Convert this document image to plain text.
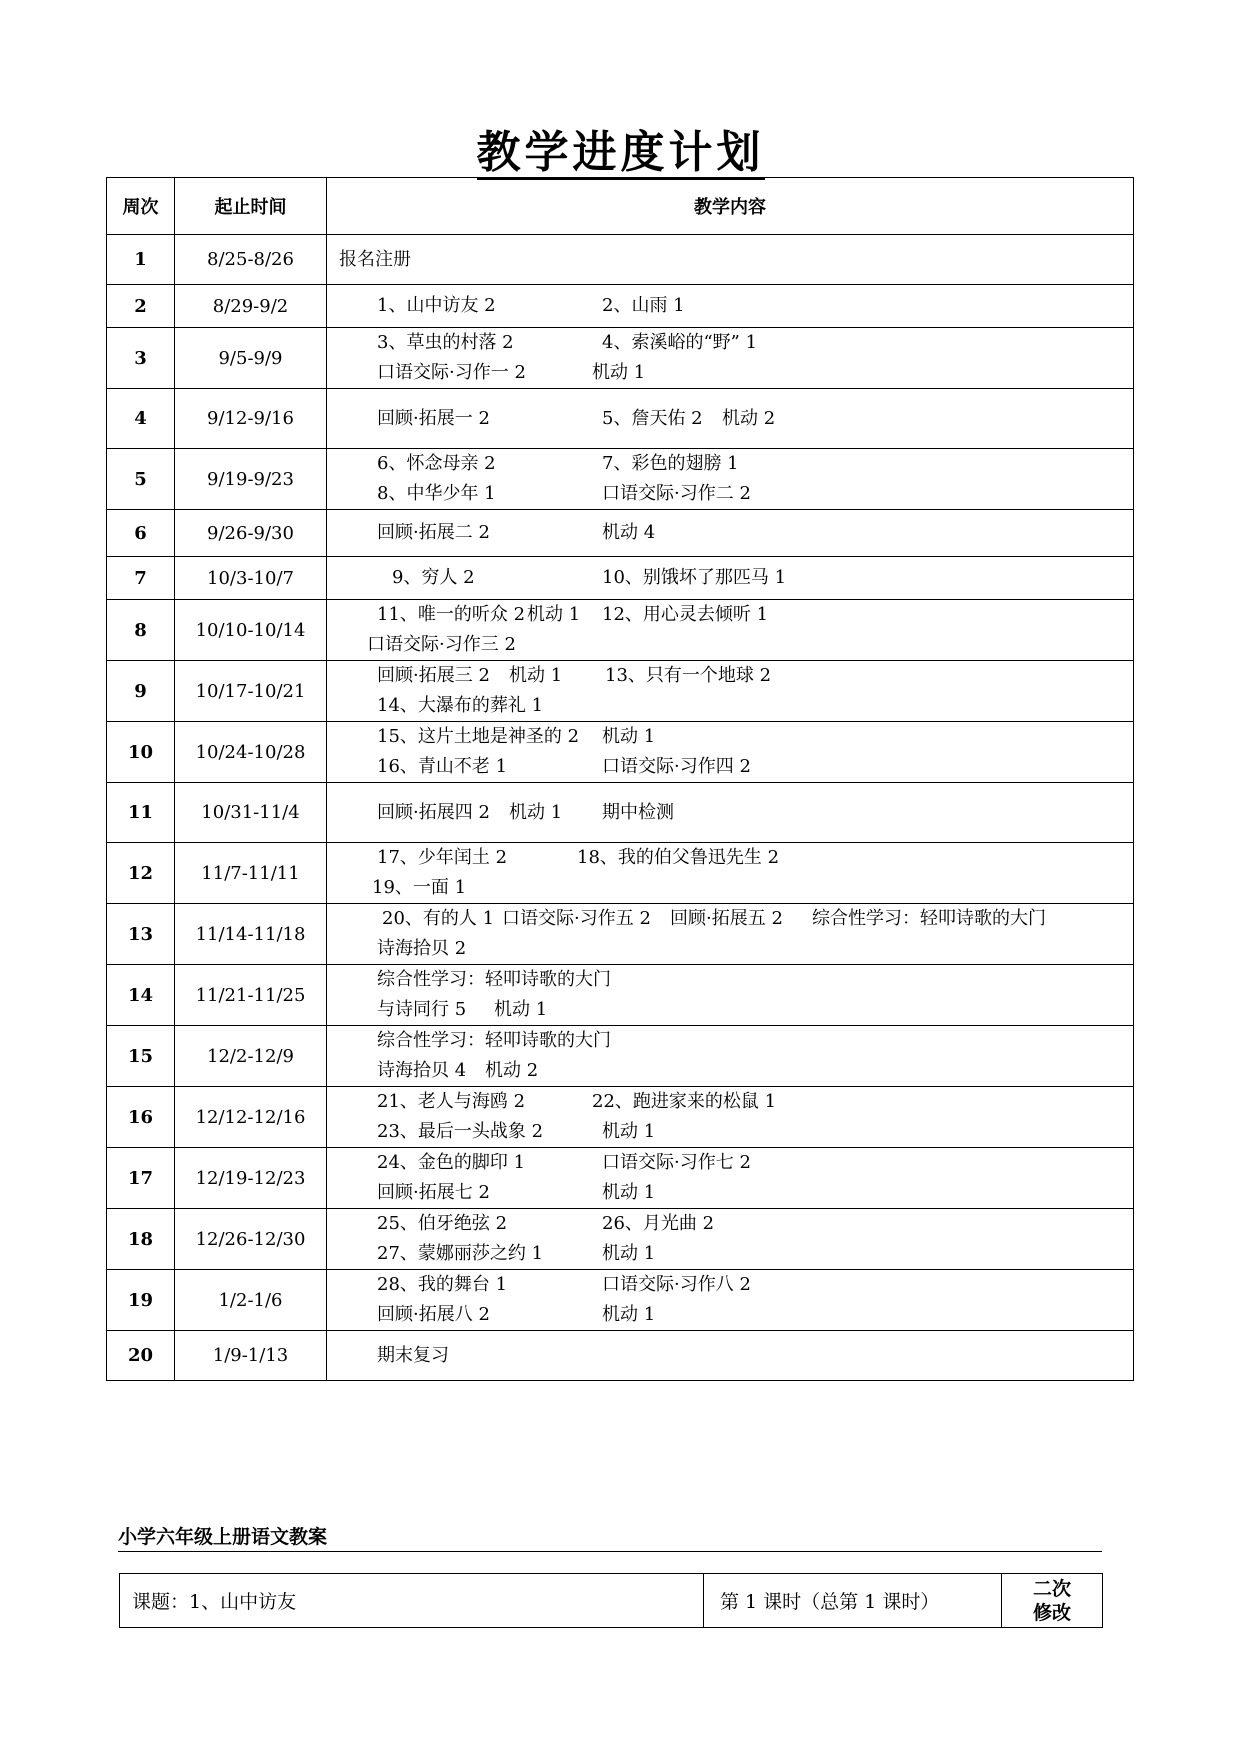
教学进度计划
周次	起止时间	教学内容
1	8/25-8/26	报名注册

2	8/29-9/2	1、山中访友 2 2、山雨 1

3	9/5-9/9	3、草虫的村落 2 4、索溪峪的“野” 1
口语交际·习作一 2 机动 1

4	9/12-9/16	回顾·拓展一 2 5、詹天佑 2 机动 2

5	9/19-9/23	6、怀念母亲 2 7、彩色的翅膀 1
8、中华少年 1 口语交际·习作二 2

6	9/26-9/30	回顾·拓展二 2 机动 4

7	10/3-10/7	9、穷人 2 10、别饿坏了那匹马 1

8	10/10-10/14	11、唯一的听众 2 机动 1 12、用心灵去倾听 1
口语交际·习作三 2

9	10/17-10/21	回顾·拓展三 2 机动 1 13、只有一个地球 2
14、大瀑布的葬礼 1

10	10/24-10/28	15、这片土地是神圣的 2 机动 1
16、青山不老 1 口语交际·习作四 2

11	10/31-11/4	回顾·拓展四 2 机动 1 期中检测

12	11/7-11/11	17、少年闰土 2 18、我的伯父鲁迅先生 2
19、一面 1

13	11/14-11/18	20、有的人 1 口语交际·习作五 2 回顾·拓展五 2 综合性学习：轻叩诗歌的大门
诗海拾贝 2

14	11/21-11/25	综合性学习：轻叩诗歌的大门
与诗同行 5 机动 1

15	12/2-12/9	综合性学习：轻叩诗歌的大门
诗海拾贝 4 机动 2

16	12/12-12/16	21、老人与海鸥 2 22、跑进家来的松鼠 1
23、最后一头战象 2 机动 1

17	12/19-12/23	24、金色的脚印 1 口语交际·习作七 2
回顾·拓展七 2 机动 1

18	12/26-12/30	25、伯牙绝弦 2 26、月光曲 2
27、蒙娜丽莎之约 1 机动 1

19	1/2-1/6	28、我的舞台 1 口语交际·习作八 2
回顾·拓展八 2 机动 1

20	1/9-1/13	期末复习
小学六年级上册语文教案
课题：1、山中访友	第 1 课时（总第 1 课时）
二次
修改
